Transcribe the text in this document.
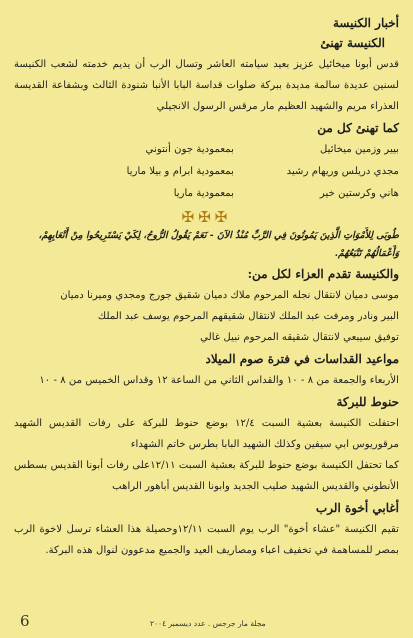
أخبار الكنيسة
الكنيسة تهنئ

قدس أبونا ميخائيل عزيز بعيد سيامته العاشر وتسال الرب أن يديم خدمته لشعب الكنيسة لسنين عديدة سالمة مديدة ببركة صلوات قداسة البابا الأنبا شنودة الثالث وبشفاعة القديسة العذراء مريم والشهيد العظيم مار مرقس الرسول الانجيلي

كما تهنئ كل من
بيير وزمين ميخائيل
بمعمودية جون أنتوني
مجدي دريلس وريهام رشيد
بمعمودية ابرام و بيلا ماريا
هاني وكرستين خير
بمعمودية ماريا
✠✠✠
طُوبَى لِلأَمْوَاتِ الَّذِينَ يَمُوتُونَ فِي الرَّبِّ مُنْذُ الآنَ - نَعَمْ يَقُولُ الرُّوحُ، لِكَيْ يَسْتَرِيحُوا مِنْ أَتْعَابِهِمْ، وَأَعْمَالُهُمْ تَتْبَعُهُمْ.
والكنيسة تقدم العزاء لكل من:

موسى دميان لانتقال نجله المرحوم ملاك دميان شقيق جورج ومجدي وميرنا دميان

البير ونادر ومرفت عبد الملك لانتقال شقيقهم المرحوم يوسف عبد الملك

توفيق سيبعي لانتقال شقيقه المرحوم نبيل غالي

مواعيد القداسات في فترة صوم الميلاد

الأربعاء والجمعة من ٨ - ١٠ والقداس الثاني من الساعة ١٢ وقداس الخميس من ٨ - ١٠

حنوط للبركة

احتفلت الكنيسة بعشية السبت ١٢/٤ بوضع حنوط للبركة على رفات القديس الشهيد مرقوريوس ابي سيفين وكذلك الشهيد البابا بطرس خاتم الشهداء

كما تحتفل الكنيسة بوضع حنوط للبركة بعشية السبت ١٢/١١على رفات أبونا القديس بسطس الأنطوني والقديس الشهيد صليب الجديد وابونا القديس أباهور الراهب

أغابي أخوة الرب

تقيم الكنيسة "عشاء أخوة" الرب يوم السبت ١٢/١١وحصيلة هذا العشاء ترسل لاخوة الرب بمصر للمساهمة في تخفيف اعباء ومصاريف العيد والجميع مدعوون لنوال هذه البركة.

مجلة مار جرجس . عدد ديسمبر ٢٠٠٤
6
